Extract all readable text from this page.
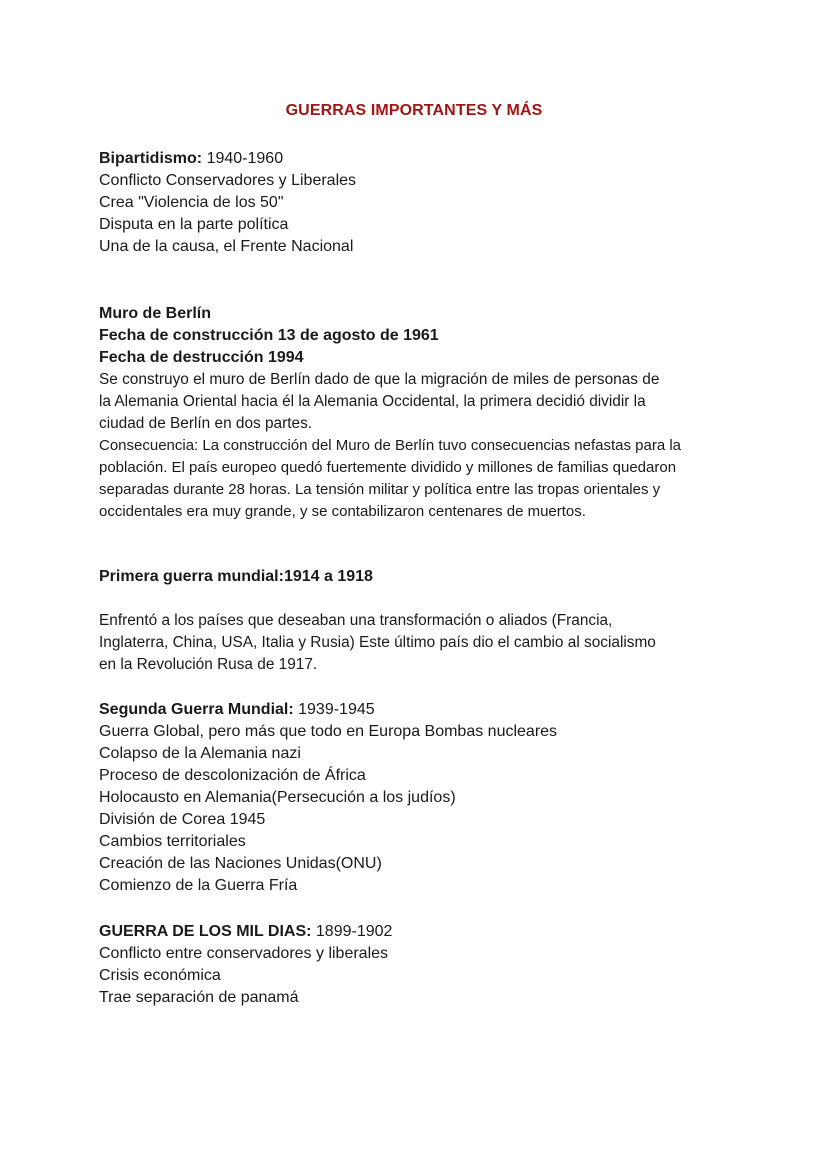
GUERRAS IMPORTANTES Y MÁS
Bipartidismo: 1940-1960
Conflicto Conservadores y Liberales
Crea "Violencia de los 50"
Disputa en la parte política
Una de la causa, el Frente Nacional
Muro de Berlín
Fecha de construcción 13 de agosto de 1961
Fecha de destrucción 1994
Se construyo el muro de Berlín dado de que la migración de miles de personas de
la Alemania Oriental hacia él la Alemania Occidental, la primera decidió dividir la
ciudad de Berlín en dos partes.
Consecuencia: La construcción del Muro de Berlín tuvo consecuencias nefastas para la
población. El país europeo quedó fuertemente dividido y millones de familias quedaron
separadas durante 28 horas. La tensión militar y política entre las tropas orientales y
occidentales era muy grande, y se contabilizaron centenares de muertos.
Primera guerra mundial:1914 a 1918
Enfrentó a los países que deseaban una transformación o aliados (Francia,
Inglaterra, China, USA, Italia y Rusia) Este último país dio el cambio al socialismo
en la Revolución Rusa de 1917.
Segunda Guerra Mundial: 1939-1945
Guerra Global, pero más que todo en Europa Bombas nucleares
Colapso de la Alemania nazi
Proceso de descolonización de África
Holocausto en Alemania(Persecución a los judíos)
División de Corea 1945
Cambios territoriales
Creación de las Naciones Unidas(ONU)
Comienzo de la Guerra Fría
GUERRA DE LOS MIL DIAS: 1899-1902
Conflicto entre conservadores y liberales
Crisis económica
Trae separación de panamá
